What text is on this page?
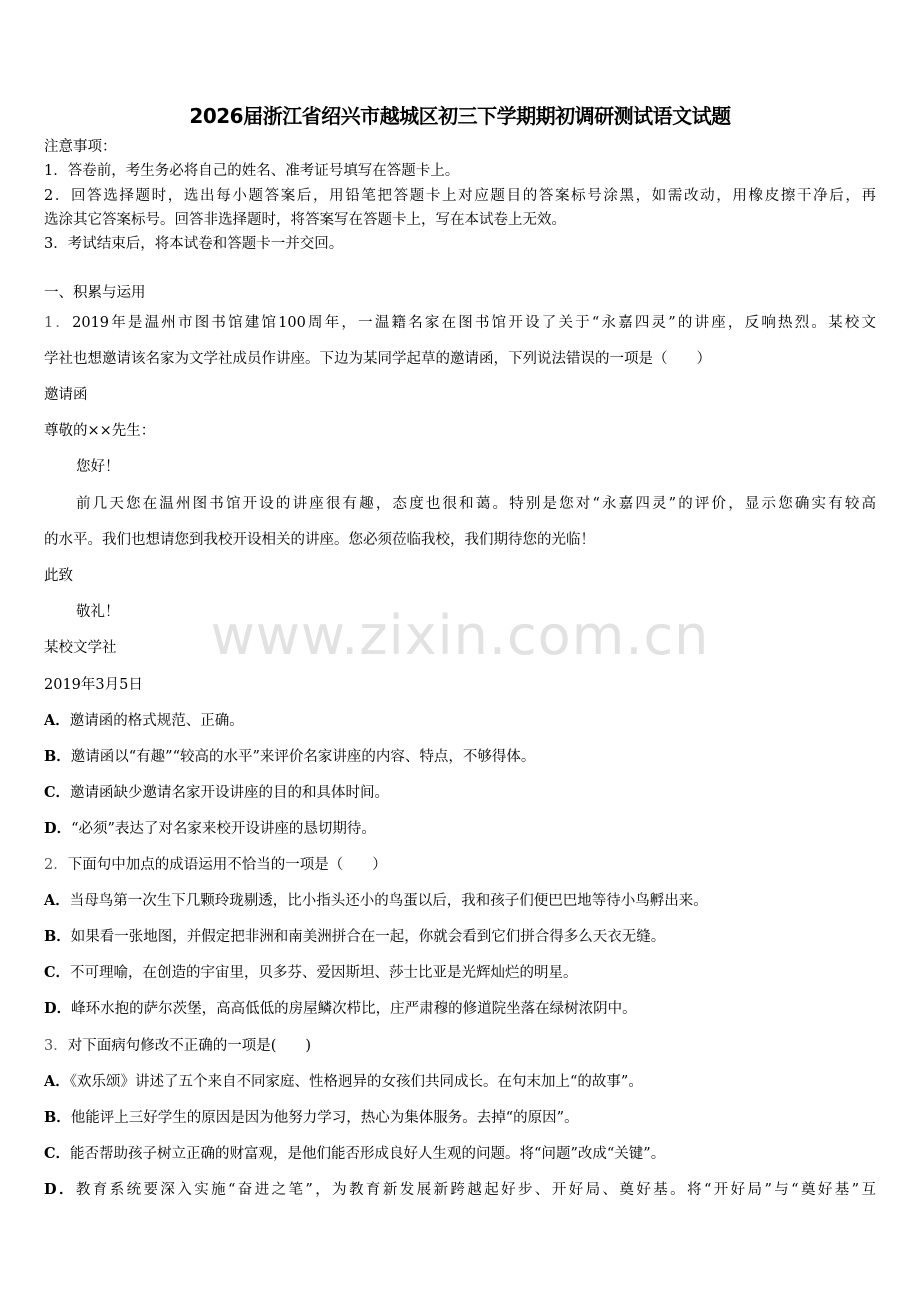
2026届浙江省绍兴市越城区初三下学期期初调研测试语文试题
注意事项：
1．答卷前，考生务必将自己的姓名、准考证号填写在答题卡上。
2．回答选择题时，选出每小题答案后，用铅笔把答题卡上对应题目的答案标号涂黑，如需改动，用橡皮擦干净后，再
选涂其它答案标号。回答非选择题时，将答案写在答题卡上，写在本试卷上无效。
3．考试结束后，将本试卷和答题卡一并交回。
一、积累与运用
1．2019年是温州市图书馆建馆100周年，一温籍名家在图书馆开设了关于“永嘉四灵”的讲座，反响热烈。某校文
学社也想邀请该名家为文学社成员作讲座。下边为某同学起草的邀请函，下列说法错误的一项是（　　）
邀请函
尊敬的××先生：
您好！
前几天您在温州图书馆开设的讲座很有趣，态度也很和蔼。特别是您对“永嘉四灵”的评价，显示您确实有较高
的水平。我们也想请您到我校开设相关的讲座。您必须莅临我校，我们期待您的光临！
此致
敬礼！
某校文学社
2019年3月5日
A．邀请函的格式规范、正确。
B．邀请函以“有趣”“较高的水平”来评价名家讲座的内容、特点，不够得体。
C．邀请函缺少邀请名家开设讲座的目的和具体时间。
D．“必须”表达了对名家来校开设讲座的恳切期待。
2．下面句中加点的成语运用不恰当的一项是（　　）
A．当母鸟第一次生下几颗玲珑剔透，比小指头还小的鸟蛋以后，我和孩子们便巴巴地等待小鸟孵出来。
B．如果看一张地图，并假定把非洲和南美洲拼合在一起，你就会看到它们拼合得多么天衣无缝。
C．不可理喻，在创造的宇宙里，贝多芬、爱因斯坦、莎士比亚是光辉灿烂的明星。
D．峰环水抱的萨尔茨堡，高高低低的房屋鳞次栉比，庄严肃穆的修道院坐落在绿树浓阴中。
3．对下面病句修改不正确的一项是(　　)
A．《欢乐颂》讲述了五个来自不同家庭、性格迥异的女孩们共同成长。在句末加上“的故事”。
B．他能评上三好学生的原因是因为他努力学习，热心为集体服务。去掉“的原因”。
C．能否帮助孩子树立正确的财富观，是他们能否形成良好人生观的问题。将“问题”改成“关键”。
D．教育系统要深入实施“奋进之笔”，为教育新发展新跨越起好步、开好局、奠好基。将“开好局”与“奠好基”互
www.zixin.com.cn
